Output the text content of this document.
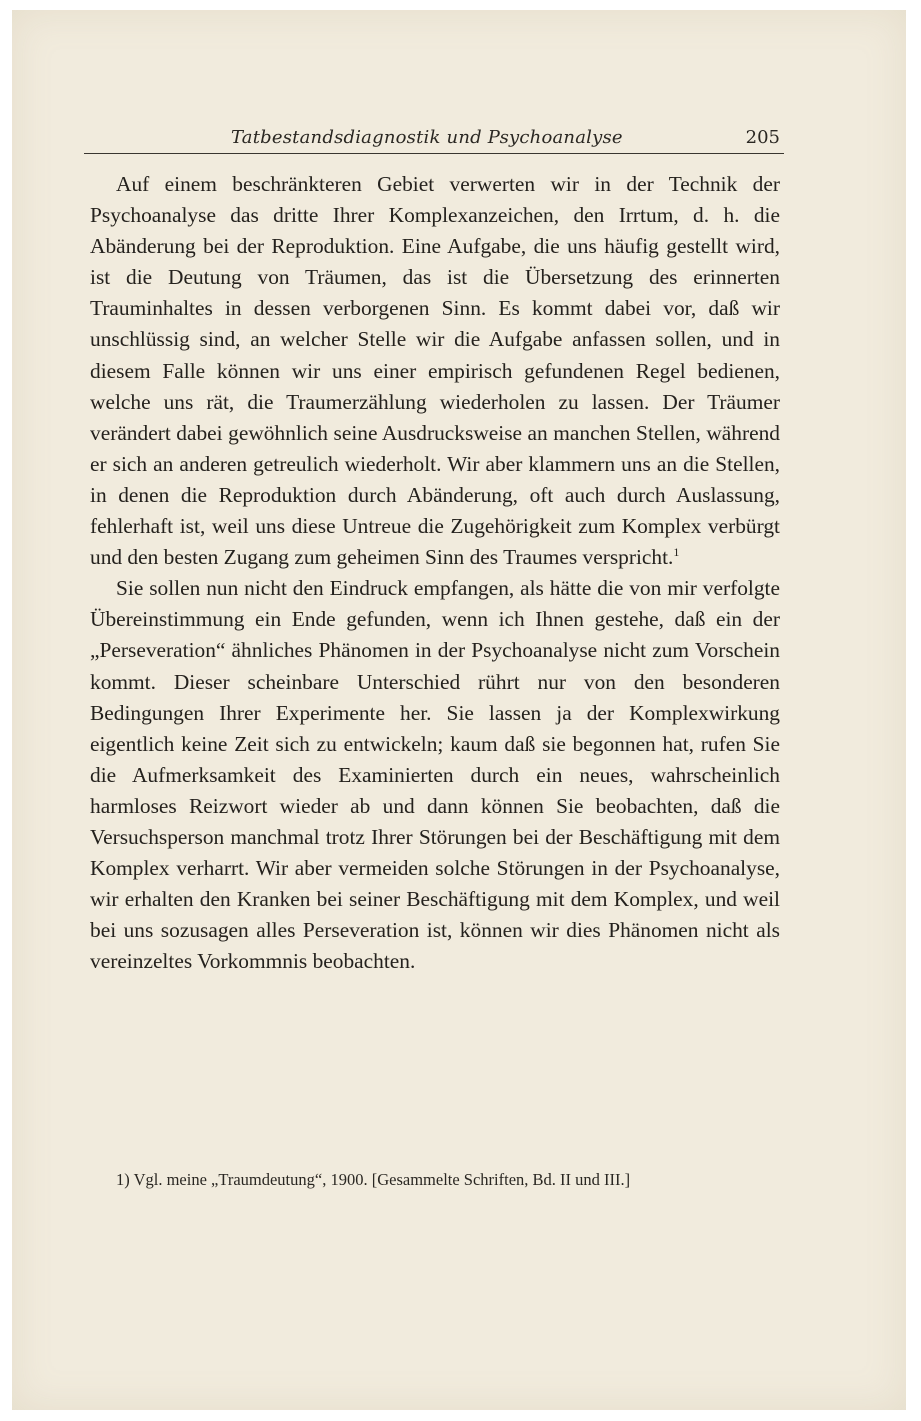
Tatbestandsdiagnostik und Psychoanalyse	205

Auf einem beschränkteren Gebiet verwerten wir in der Technik der Psychoanalyse das dritte Ihrer Komplexanzeichen, den Irrtum, d. h. die Abänderung bei der Reproduktion. Eine Aufgabe, die uns häufig gestellt wird, ist die Deutung von Träumen, das ist die Übersetzung des erinnerten Trauminhaltes in dessen verborgenen Sinn. Es kommt dabei vor, daß wir unschlüssig sind, an welcher Stelle wir die Aufgabe anfassen sollen, und in diesem Falle können wir uns einer empirisch gefundenen Regel bedienen, welche uns rät, die Traumerzählung wiederholen zu lassen. Der Träumer verändert dabei gewöhnlich seine Ausdrucksweise an manchen Stellen, während er sich an anderen getreulich wiederholt. Wir aber klammern uns an die Stellen, in denen die Reproduktion durch Abänderung, oft auch durch Auslassung, fehlerhaft ist, weil uns diese Untreue die Zugehörigkeit zum Komplex verbürgt und den besten Zugang zum geheimen Sinn des Traumes verspricht.$^1$

Sie sollen nun nicht den Eindruck empfangen, als hätte die von mir verfolgte Übereinstimmung ein Ende gefunden, wenn ich Ihnen gestehe, daß ein der „Perseveration“ ähnliches Phänomen in der Psychoanalyse nicht zum Vorschein kommt. Dieser scheinbare Unterschied rührt nur von den besonderen Bedingungen Ihrer Experimente her. Sie lassen ja der Komplexwirkung eigentlich keine Zeit sich zu entwickeln; kaum daß sie begonnen hat, rufen Sie die Aufmerksamkeit des Examinierten durch ein neues, wahrscheinlich harmloses Reizwort wieder ab und dann können Sie beobachten, daß die Versuchsperson manchmal trotz Ihrer Störungen bei der Beschäftigung mit dem Komplex verharrt. Wir aber vermeiden solche Störungen in der Psychoanalyse, wir erhalten den Kranken bei seiner Beschäftigung mit dem Komplex, und weil bei uns sozusagen alles Perseveration ist, können wir dies Phänomen nicht als vereinzeltes Vorkommnis beobachten.

1) Vgl. meine „Traumdeutung“, 1900. [Gesammelte Schriften, Bd. II und III.]
